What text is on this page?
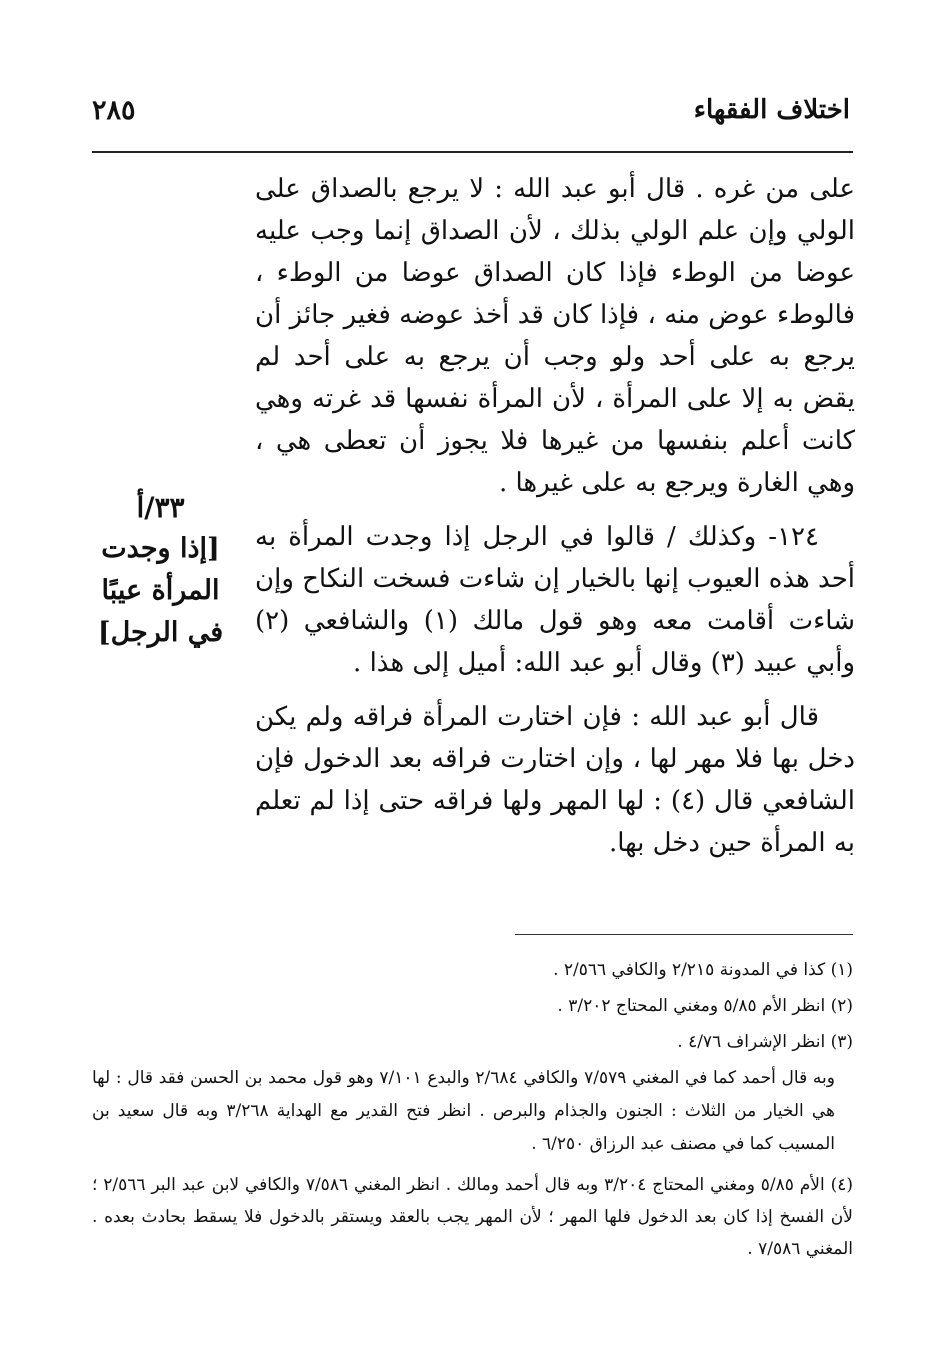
اختلاف الفقهاء
٢٨٥

على من غره . قال أبو عبد الله : لا يرجع بالصداق على الولي وإن علم الولي بذلك ، لأن الصداق إنما وجب عليه عوضا من الوطء فإذا كان الصداق عوضا من الوطء ، فالوطء عوض منه ، فإذا كان قد أخذ عوضه فغير جائز أن يرجع به على أحد ولو وجب أن يرجع به على أحد لم يقض به إلا على المرأة ، لأن المرأة نفسها قد غرته وهي كانت أعلم بنفسها من غيرها فلا يجوز أن تعطى هي ، وهي الغارة ويرجع به على غيرها .

١٢٤- وكذلك / قالوا في الرجل إذا وجدت المرأة به أحد هذه العيوب إنها بالخيار إن شاءت فسخت النكاح وإن شاءت أقامت معه وهو قول مالك (١) والشافعي (٢) وأبي عبيد (٣) وقال أبو عبد الله: أميل إلى هذا .

قال أبو عبد الله : فإن اختارت المرأة فراقه ولم يكن دخل بها فلا مهر لها ، وإن اختارت فراقه بعد الدخول فإن الشافعي قال (٤) : لها المهر ولها فراقه حتى إذا لم تعلم به المرأة حين دخل بها.

٣٣/أ
[إذا وجدت المرأة عيبًا في الرجل]
(١) كذا في المدونة ٢/٢١٥ والكافي ٢/٥٦٦ .
(٢) انظر الأم ٥/٨٥ ومغني المحتاج ٣/٢٠٢ .
(٣) انظر الإشراف ٤/٧٦ .
وبه قال أحمد كما في المغني ٧/٥٧٩ والكافي ٢/٦٨٤ والبدع ٧/١٠١ وهو قول محمد بن الحسن فقد قال : لها هي الخيار من الثلاث : الجنون والجذام والبرص . انظر فتح القدير مع الهداية ٣/٢٦٨ وبه قال سعيد بن المسيب كما في مصنف عبد الرزاق ٦/٢٥٠ .
(٤) الأم ٥/٨٥ ومغني المحتاج ٣/٢٠٤ وبه قال أحمد ومالك . انظر المغني ٧/٥٨٦ والكافي لابن عبد البر ٢/٥٦٦ ؛ لأن الفسخ إذا كان بعد الدخول فلها المهر ؛ لأن المهر يجب بالعقد ويستقر بالدخول فلا يسقط بحادث بعده . المغني ٧/٥٨٦ .
